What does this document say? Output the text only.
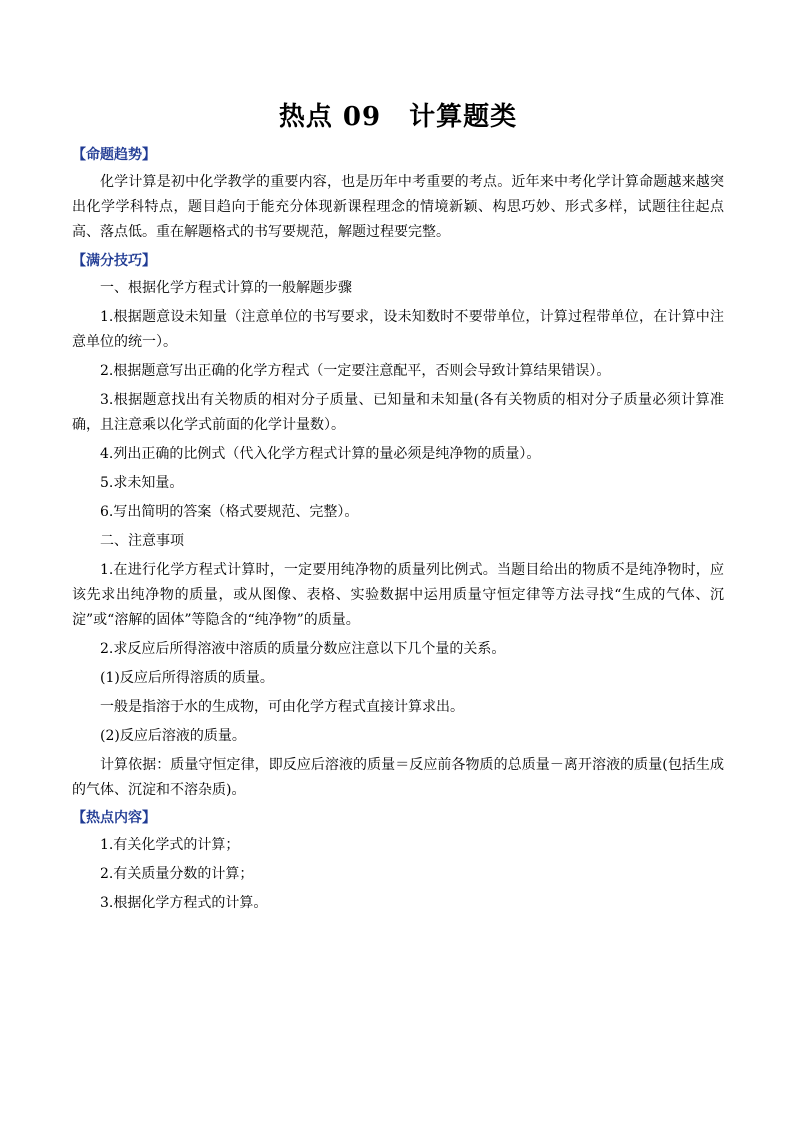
热点 09 计算题类
【命题趋势】

化学计算是初中化学教学的重要内容，也是历年中考重要的考点。近年来中考化学计算命题越来越突出化学学科特点，题目趋向于能充分体现新课程理念的情境新颖、构思巧妙、形式多样，试题往往起点高、落点低。重在解题格式的书写要规范，解题过程要完整。

【满分技巧】

一、根据化学方程式计算的一般解题步骤

1.根据题意设未知量（注意单位的书写要求，设未知数时不要带单位，计算过程带单位，在计算中注意单位的统一）。

2.根据题意写出正确的化学方程式（一定要注意配平，否则会导致计算结果错误）。

3.根据题意找出有关物质的相对分子质量、已知量和未知量(各有关物质的相对分子质量必须计算准确，且注意乘以化学式前面的化学计量数）。

4.列出正确的比例式（代入化学方程式计算的量必须是纯净物的质量）。

5.求未知量。

6.写出简明的答案（格式要规范、完整）。

二、注意事项

1.在进行化学方程式计算时，一定要用纯净物的质量列比例式。当题目给出的物质不是纯净物时，应该先求出纯净物的质量，或从图像、表格、实验数据中运用质量守恒定律等方法寻找“生成的气体、沉淀”或“溶解的固体”等隐含的“纯净物”的质量。

2.求反应后所得溶液中溶质的质量分数应注意以下几个量的关系。

(1)反应后所得溶质的质量。

一般是指溶于水的生成物，可由化学方程式直接计算求出。

(2)反应后溶液的质量。

计算依据：质量守恒定律，即反应后溶液的质量＝反应前各物质的总质量－离开溶液的质量(包括生成的气体、沉淀和不溶杂质)。

【热点内容】

1.有关化学式的计算；

2.有关质量分数的计算；

3.根据化学方程式的计算。
